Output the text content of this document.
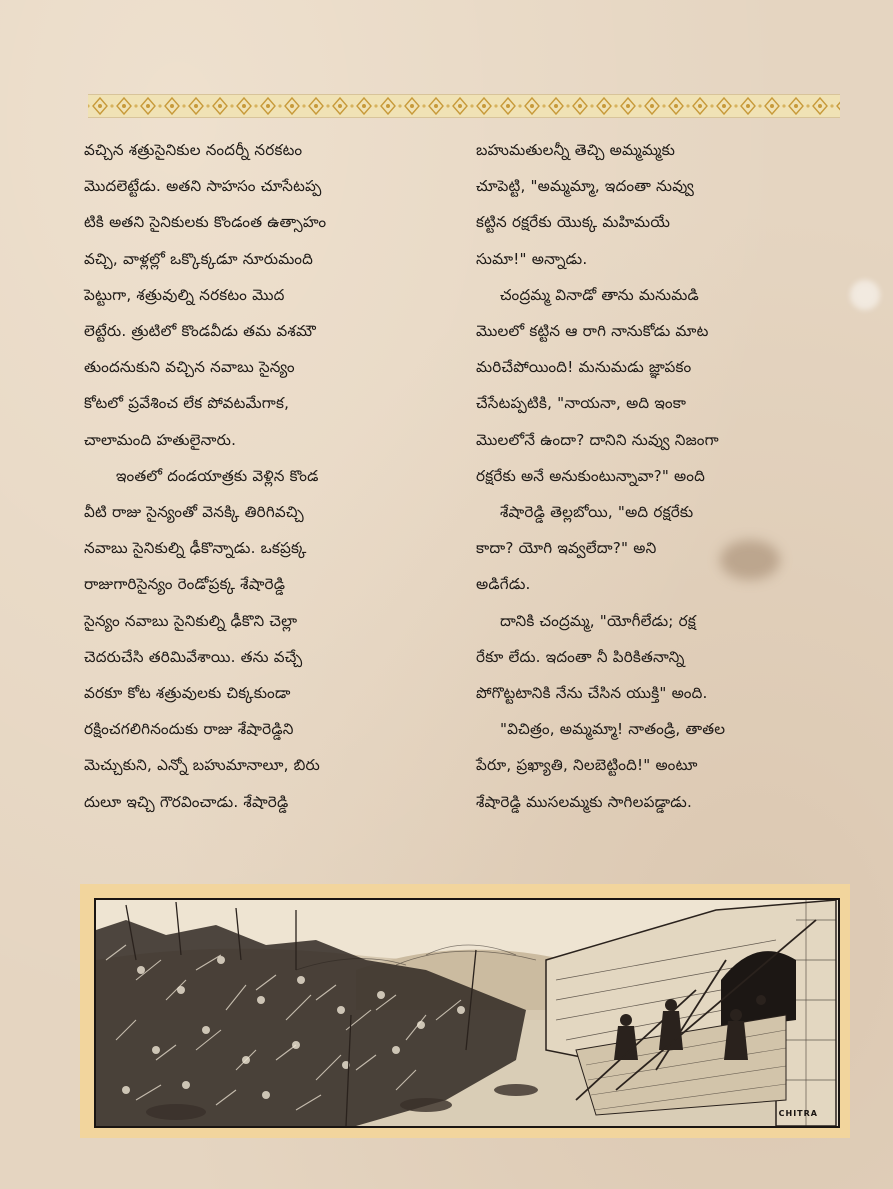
వచ్చిన శత్రుసైనికుల నందర్నీ నరకటం
మొదలెట్టేడు. అతని సాహసం చూసేటప్ప
టికి అతని సైనికులకు కొండంత ఉత్సాహం
వచ్చి, వాళ్లల్లో ఒక్కొక్కడూ నూరుమంది
పెట్టుగా, శత్రువుల్ని నరకటం మొద
లెట్టేరు. త్రుటిలో కొండవీడు తమ వశమౌ
తుందనుకుని వచ్చిన నవాబు సైన్యం
కోటలో ప్రవేశించ లేక పోవటమేగాక,
చాలామంది హతులైనారు.
ఇంతలో దండయాత్రకు వెళ్లిన కొండ
వీటి రాజు సైన్యంతో వెనక్కి తిరిగివచ్చి
నవాబు సైనికుల్ని ఢీకొన్నాడు. ఒకప్రక్క
రాజుగారిసైన్యం రెండోప్రక్క శేషారెడ్డి
సైన్యం నవాబు సైనికుల్ని ఢీకొని చెల్లా
చెదరుచేసి తరిమివేశాయి. తను వచ్చే
వరకూ కోట శత్రువులకు చిక్కకుండా
రక్షించగలిగినందుకు రాజు శేషారెడ్డిని
మెచ్చుకుని, ఎన్నో బహుమానాలూ, బిరు
దులూ ఇచ్చి గౌరవించాడు. శేషారెడ్డి
బహుమతులన్నీ తెచ్చి అమ్మమ్మకు
చూపెట్టి, "అమ్మమ్మా, ఇదంతా నువ్వు
కట్టిన రక్షరేకు యొక్క మహిమయే
సుమా!" అన్నాడు.
చంద్రమ్మ వినాడో తాను మనుమడి
మొలలో కట్టిన ఆ రాగి నానుకోడు మాట
మరిచేపోయింది! మనుమడు జ్ఞాపకం
చేసేటప్పటికి, "నాయనా, అది ఇంకా
మొలలోనే ఉందా? దానిని నువ్వు నిజంగా
రక్షరేకు అనే అనుకుంటున్నావా?" అంది
శేషారెడ్డి తెల్లబోయి, "అది రక్షరేకు
కాదా? యోగి ఇవ్వలేదా?" అని
అడిగేడు.
దానికి చంద్రమ్మ, "యోగీలేడు; రక్ష
రేకూ లేదు. ఇదంతా నీ పిరికితనాన్ని
పోగొట్టటానికి నేను చేసిన యుక్తి" అంది.
"విచిత్రం, అమ్మమ్మా! నాతండ్రి, తాతల
పేరూ, ప్రఖ్యాతి, నిలబెట్టింది!" అంటూ
శేషారెడ్డి ముసలమ్మకు సాగిలపడ్డాడు.
CHITRA
